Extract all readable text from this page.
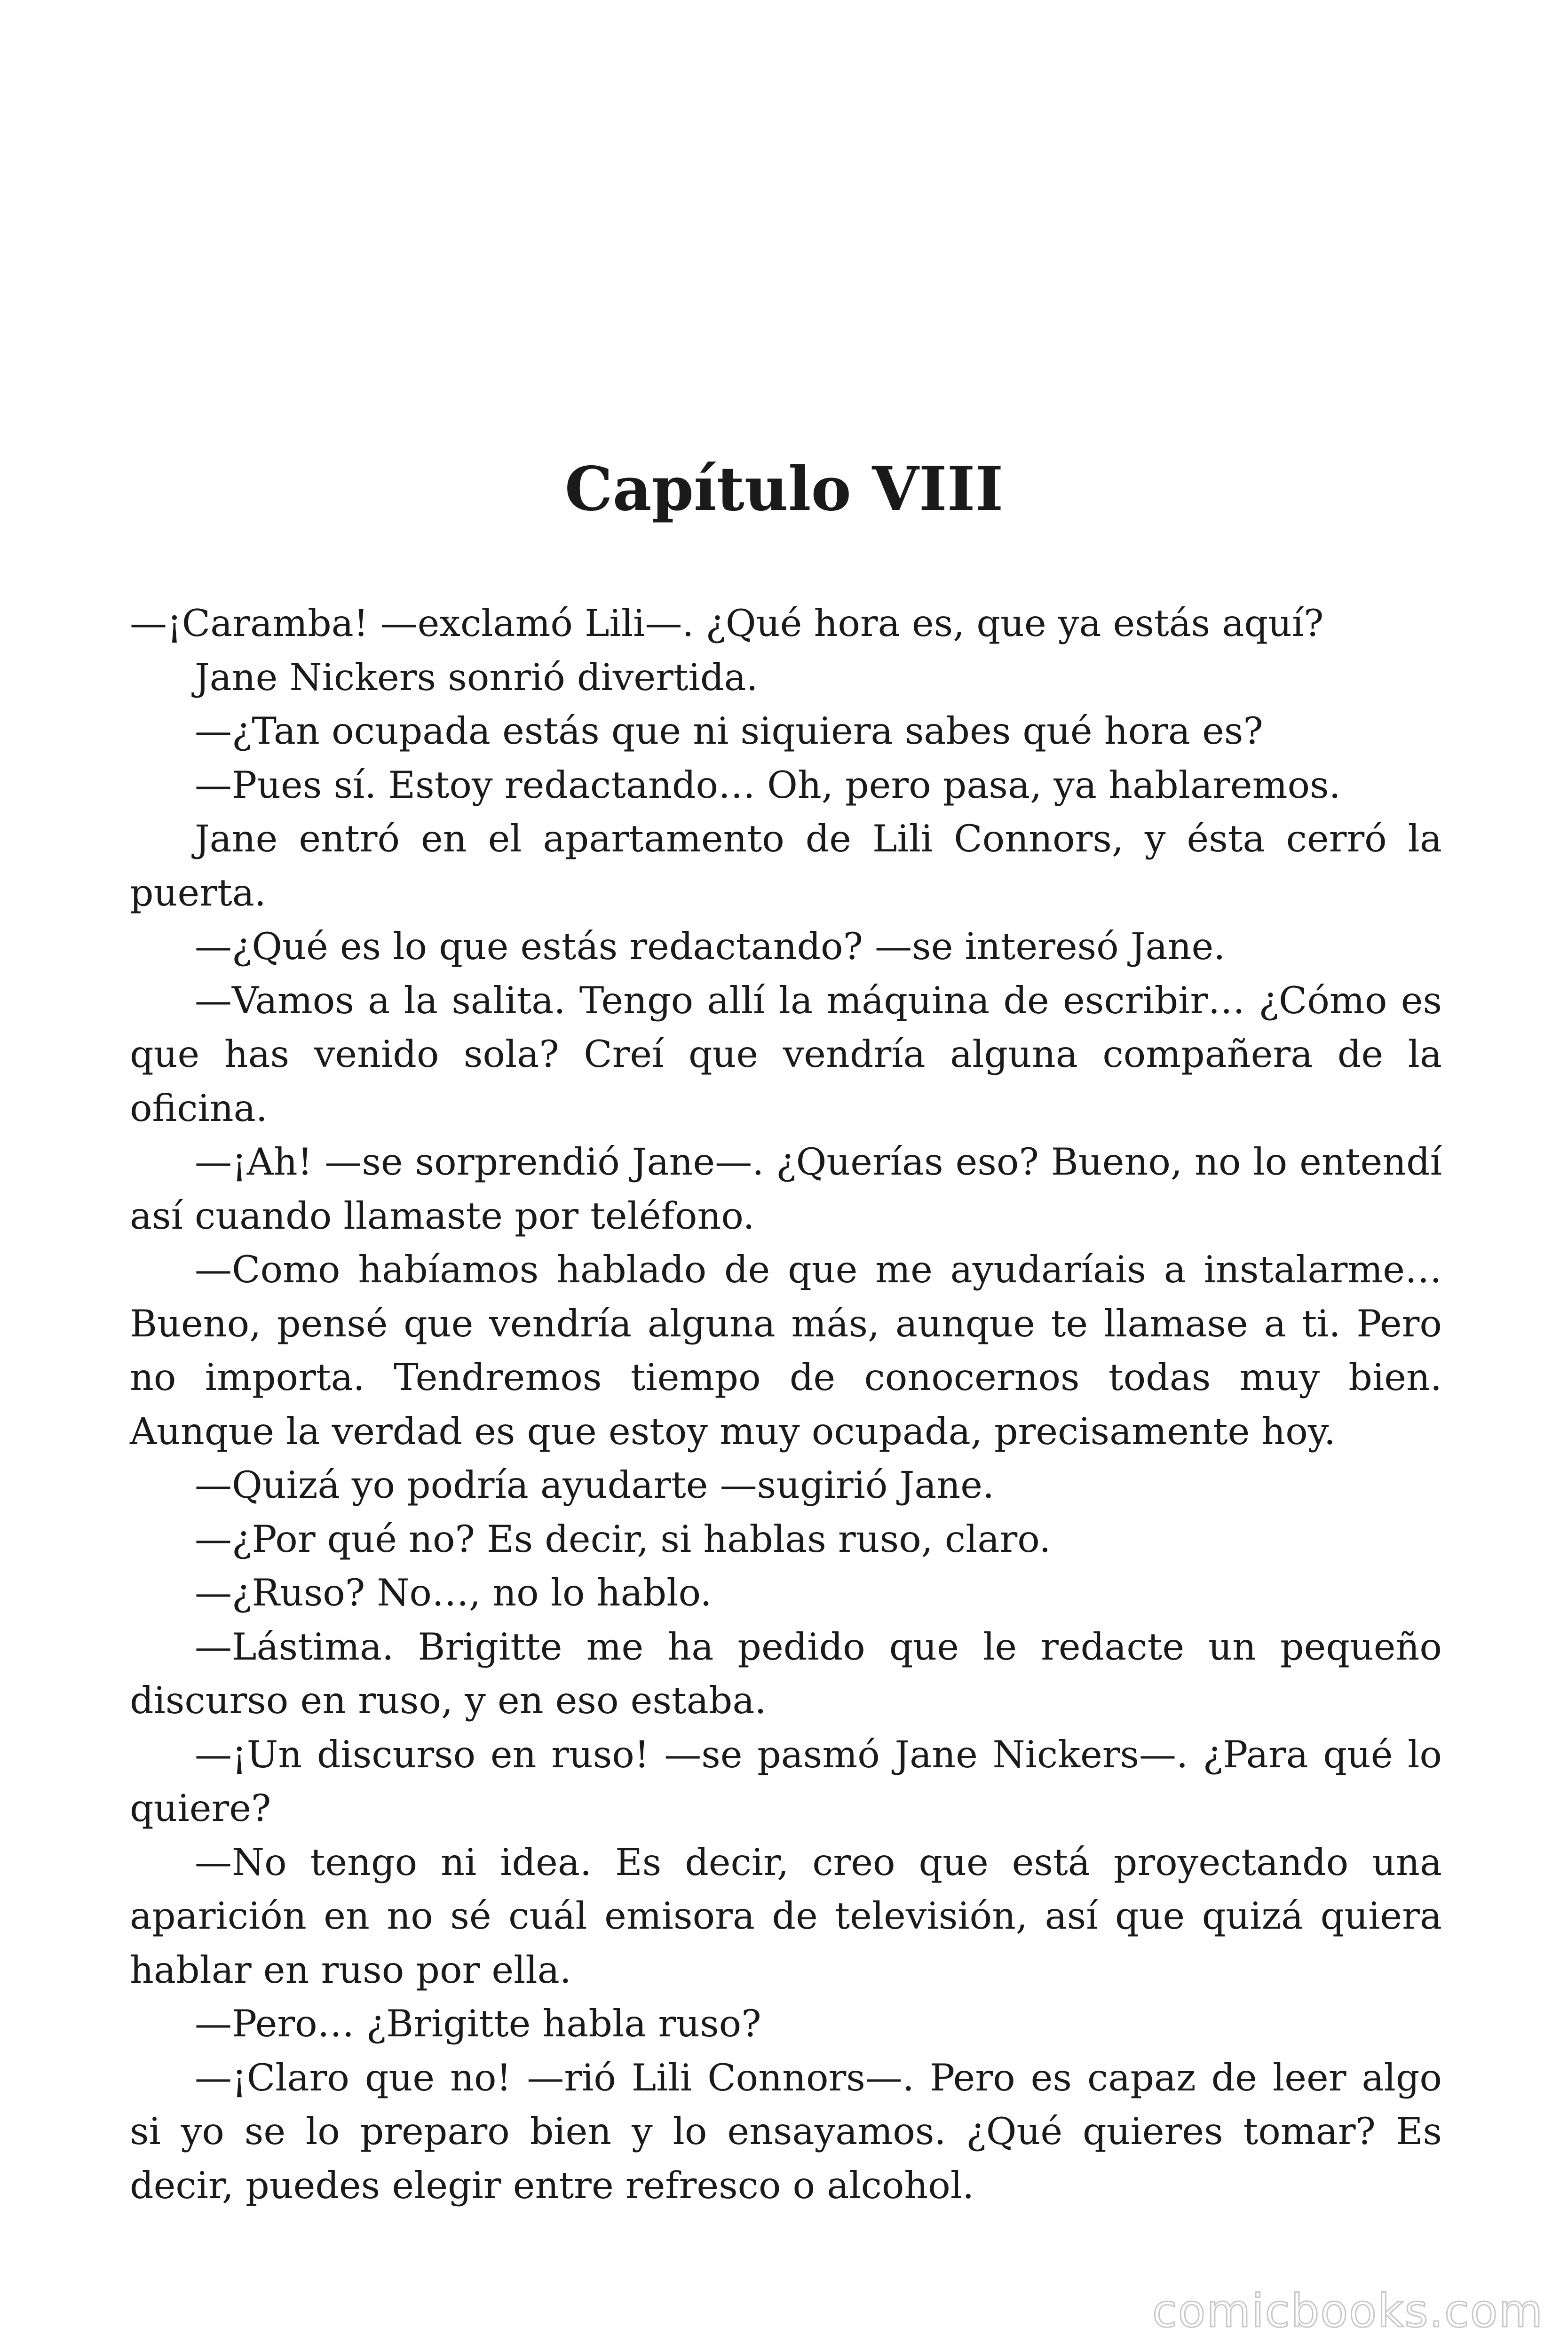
Capítulo VIII

—¡Caramba! —exclamó Lili—. ¿Qué hora es, que ya estás aquí?

Jane Nickers sonrió divertida.

—¿Tan ocupada estás que ni siquiera sabes qué hora es?

—Pues sí. Estoy redactando… Oh, pero pasa, ya hablaremos.

Jane entró en el apartamento de Lili Connors, y ésta cerró la puerta.

—¿Qué es lo que estás redactando? —se interesó Jane.

—Vamos a la salita. Tengo allí la máquina de escribir… ¿Cómo es que has venido sola? Creí que vendría alguna compañera de la oficina.

—¡Ah! —se sorprendió Jane—. ¿Querías eso? Bueno, no lo entendí así cuando llamaste por teléfono.

—Como habíamos hablado de que me ayudaríais a instalarme… Bueno, pensé que vendría alguna más, aunque te llamase a ti. Pero no importa. Tendremos tiempo de conocernos todas muy bien. Aunque la verdad es que estoy muy ocupada, precisamente hoy.

—Quizá yo podría ayudarte —sugirió Jane.

—¿Por qué no? Es decir, si hablas ruso, claro.

—¿Ruso? No…, no lo hablo.

—Lástima. Brigitte me ha pedido que le redacte un pequeño discurso en ruso, y en eso estaba.

—¡Un discurso en ruso! —se pasmó Jane Nickers—. ¿Para qué lo quiere?

—No tengo ni idea. Es decir, creo que está proyectando una aparición en no sé cuál emisora de televisión, así que quizá quiera hablar en ruso por ella.

—Pero… ¿Brigitte habla ruso?

—¡Claro que no! —rió Lili Connors—. Pero es capaz de leer algo si yo se lo preparo bien y lo ensayamos. ¿Qué quieres tomar? Es decir, puedes elegir entre refresco o alcohol.

comicbooks.com
